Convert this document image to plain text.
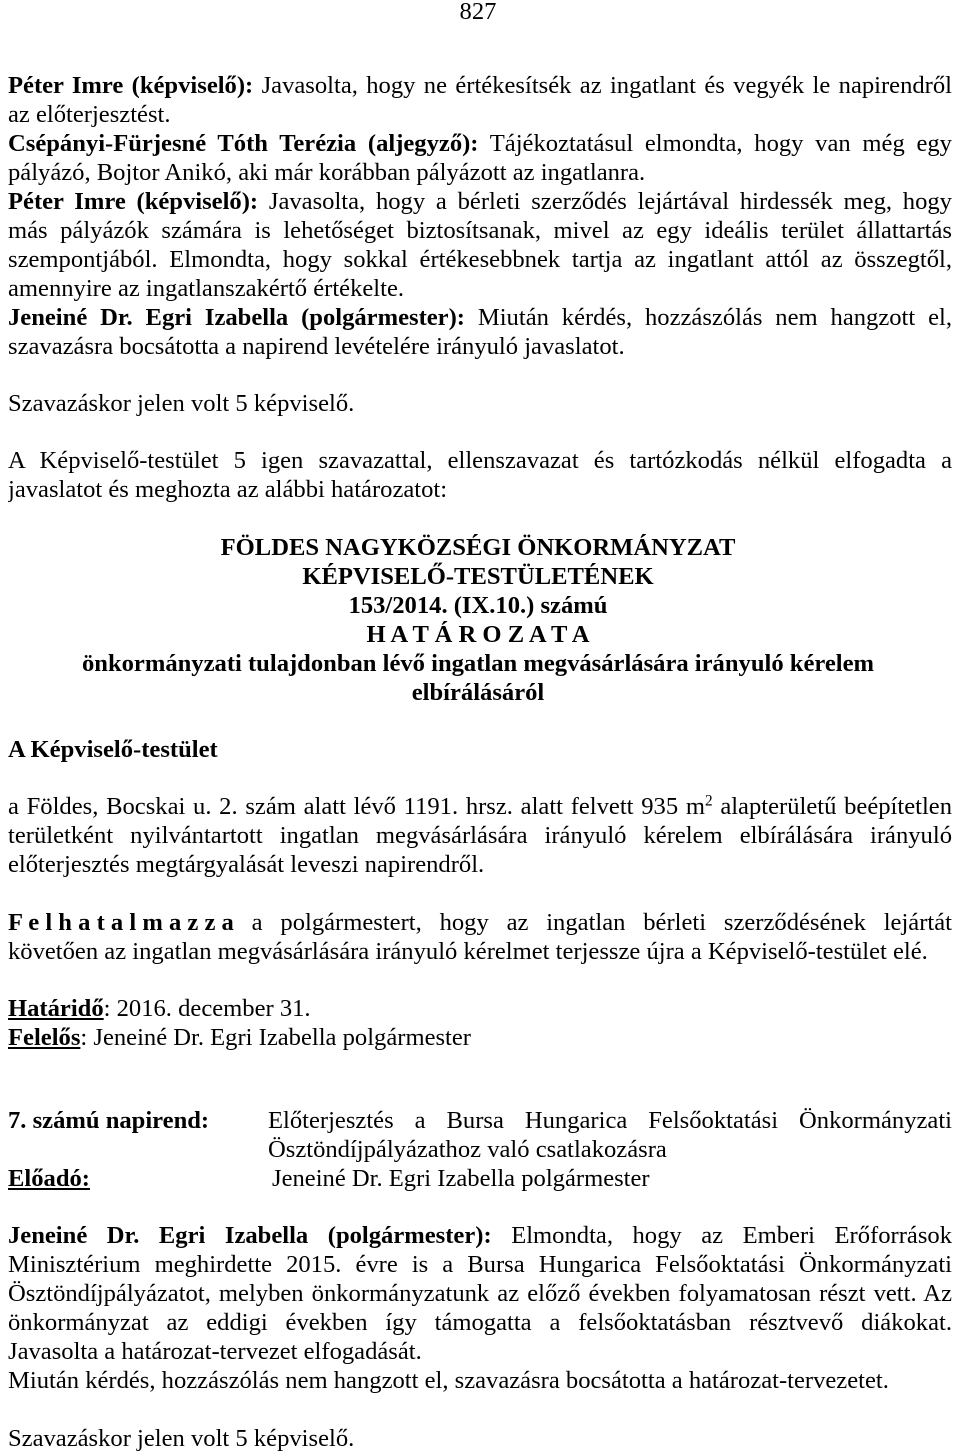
827
Péter Imre (képviselő): Javasolta, hogy ne értékesítsék az ingatlant és vegyék le napirendről
az előterjesztést.
Csépányi-Fürjesné Tóth Terézia (aljegyző): Tájékoztatásul elmondta, hogy van még egy
pályázó, Bojtor Anikó, aki már korábban pályázott az ingatlanra.
Péter Imre (képviselő): Javasolta, hogy a bérleti szerződés lejártával hirdessék meg, hogy
más pályázók számára is lehetőséget biztosítsanak, mivel az egy ideális terület állattartás
szempontjából. Elmondta, hogy sokkal értékesebbnek tartja az ingatlant attól az összegtől,
amennyire az ingatlanszakértő értékelte.
Jeneiné Dr. Egri Izabella (polgármester): Miután kérdés, hozzászólás nem hangzott el,
szavazásra bocsátotta a napirend levételére irányuló javaslatot.
Szavazáskor jelen volt 5 képviselő.
A Képviselő-testület 5 igen szavazattal, ellenszavazat és tartózkodás nélkül elfogadta a
javaslatot és meghozta az alábbi határozatot:
FÖLDES NAGYKÖZSÉGI ÖNKORMÁNYZAT
KÉPVISELŐ-TESTÜLETÉNEK
153/2014. (IX.10.) számú
H A T Á R O Z A T A
önkormányzati tulajdonban lévő ingatlan megvásárlására irányuló kérelem
elbírálásáról
A Képviselő-testület
a Földes, Bocskai u. 2. szám alatt lévő 1191. hrsz. alatt felvett 935 $m^2$ alapterületű beépítetlen
területként nyilvántartott ingatlan megvásárlására irányuló kérelem elbírálására irányuló
előterjesztés megtárgyalását leveszi napirendről.
F e l h a t a l m a z z a a polgármestert, hogy az ingatlan bérleti szerződésének lejártát
követően az ingatlan megvásárlására irányuló kérelmet terjessze újra a Képviselő-testület elé.
Határidő: 2016. december 31.
Felelős: Jeneiné Dr. Egri Izabella polgármester
7. számú napirend:	Előterjesztés a Bursa Hungarica Felsőoktatási Önkormányzati
Ösztöndíjpályázathoz való csatlakozásra
Előadó:	Jeneiné Dr. Egri Izabella polgármester
Jeneiné Dr. Egri Izabella (polgármester): Elmondta, hogy az Emberi Erőforrások
Minisztérium meghirdette 2015. évre is a Bursa Hungarica Felsőoktatási Önkormányzati
Ösztöndíjpályázatot, melyben önkormányzatunk az előző években folyamatosan részt vett. Az
önkormányzat az eddigi években így támogatta a felsőoktatásban résztvevő diákokat.
Javasolta a határozat-tervezet elfogadását.
Miután kérdés, hozzászólás nem hangzott el, szavazásra bocsátotta a határozat-tervezetet.
Szavazáskor jelen volt 5 képviselő.
